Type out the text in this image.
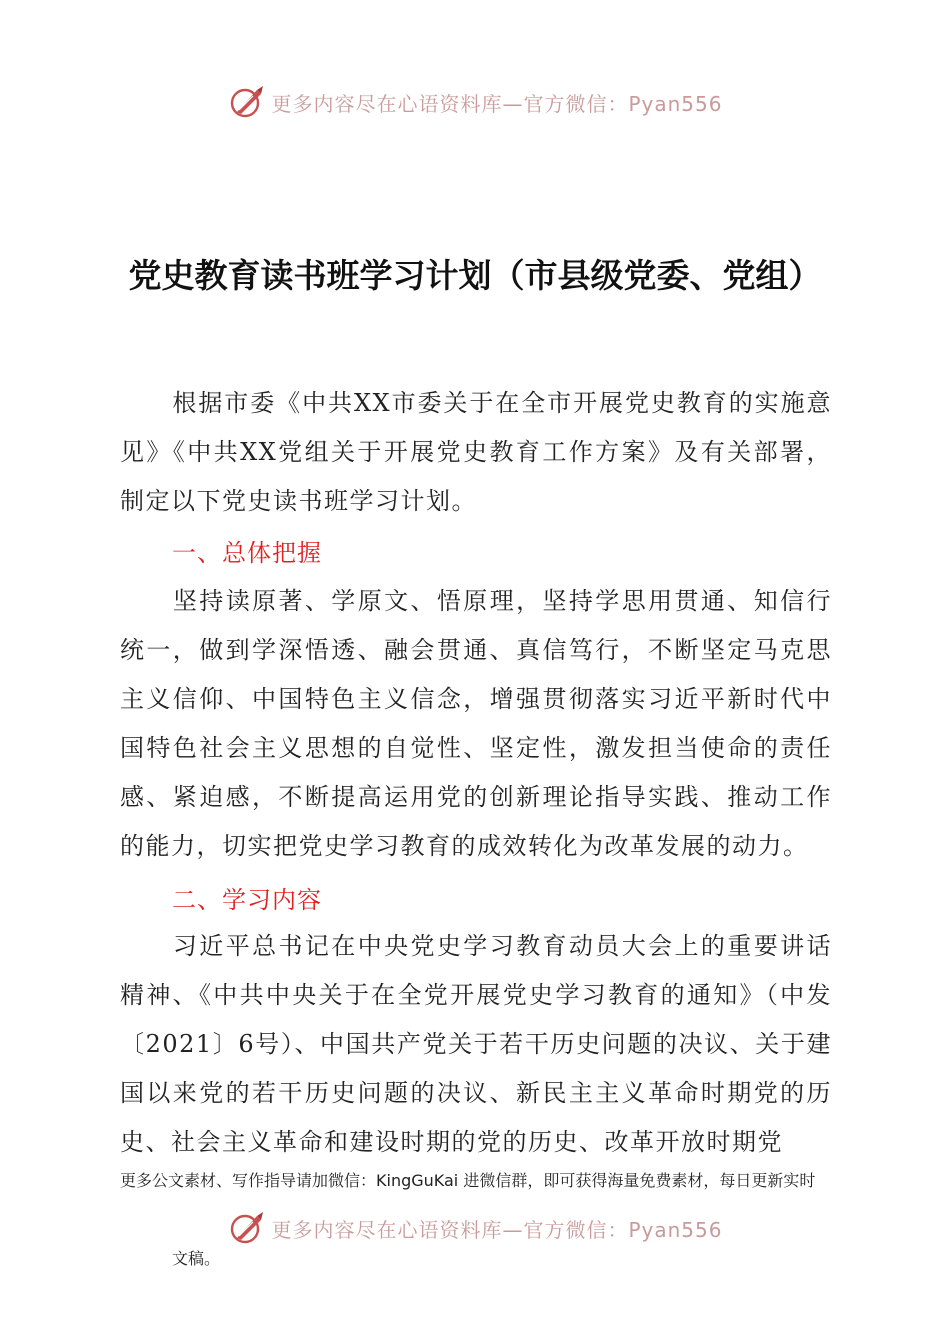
更多内容尽在心语资料库—官方微信：Pyan556
党史教育读书班学习计划（市县级党委、党组）
根据市委《中共XX市委关于在全市开展党史教育的实施意见》《中共XX党组关于开展党史教育工作方案》及有关部署，制定以下党史读书班学习计划。
一、总体把握
坚持读原著、学原文、悟原理，坚持学思用贯通、知信行统一，做到学深悟透、融会贯通、真信笃行，不断坚定马克思主义信仰、中国特色主义信念，增强贯彻落实习近平新时代中国特色社会主义思想的自觉性、坚定性，激发担当使命的责任感、紧迫感，不断提高运用党的创新理论指导实践、推动工作的能力，切实把党史学习教育的成效转化为改革发展的动力。
二、学习内容
习近平总书记在中央党史学习教育动员大会上的重要讲话精神、《中共中央关于在全党开展党史学习教育的通知》（中发〔2021〕6号）、中国共产党关于若干历史问题的决议、关于建国以来党的若干历史问题的决议、新民主主义革命时期党的历史、社会主义革命和建设时期的党的历史、改革开放时期党
更多公文素材、写作指导请加微信：KingGuKai 进微信群，即可获得海量免费素材，每日更新实时
更多内容尽在心语资料库—官方微信：Pyan556
文稿。
